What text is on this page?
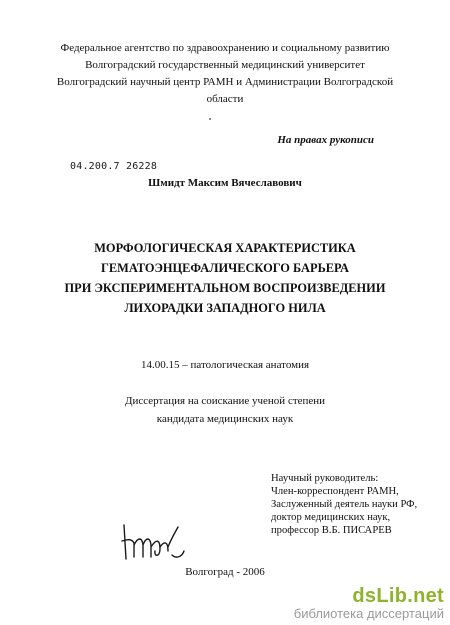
Федеральное агентство по здравоохранению и социальному развитию
Волгоградский государственный медицинский университет
Волгоградский научный центр РАМН и Администрации Волгоградской
области
На правах рукописи
04.200.7 26228
Шмидт Максим Вячеславович
МОРФОЛОГИЧЕСКАЯ ХАРАКТЕРИСТИКА
ГЕМАТОЭНЦЕФАЛИЧЕСКОГО БАРЬЕРА
ПРИ ЭКСПЕРИМЕНТАЛЬНОМ ВОСПРОИЗВЕДЕНИИ
ЛИХОРАДКИ ЗАПАДНОГО НИЛА
14.00.15 – патологическая анатомия
Диссертация на соискание ученой степени
кандидата медицинских наук
Научный руководитель:
Член-корреспондент РАМН,
Заслуженный деятель науки РФ,
доктор медицинских наук,
профессор В.Б. ПИСАРЕВ
Волгоград - 2006
dsLib.net
библиотека диссертаций
